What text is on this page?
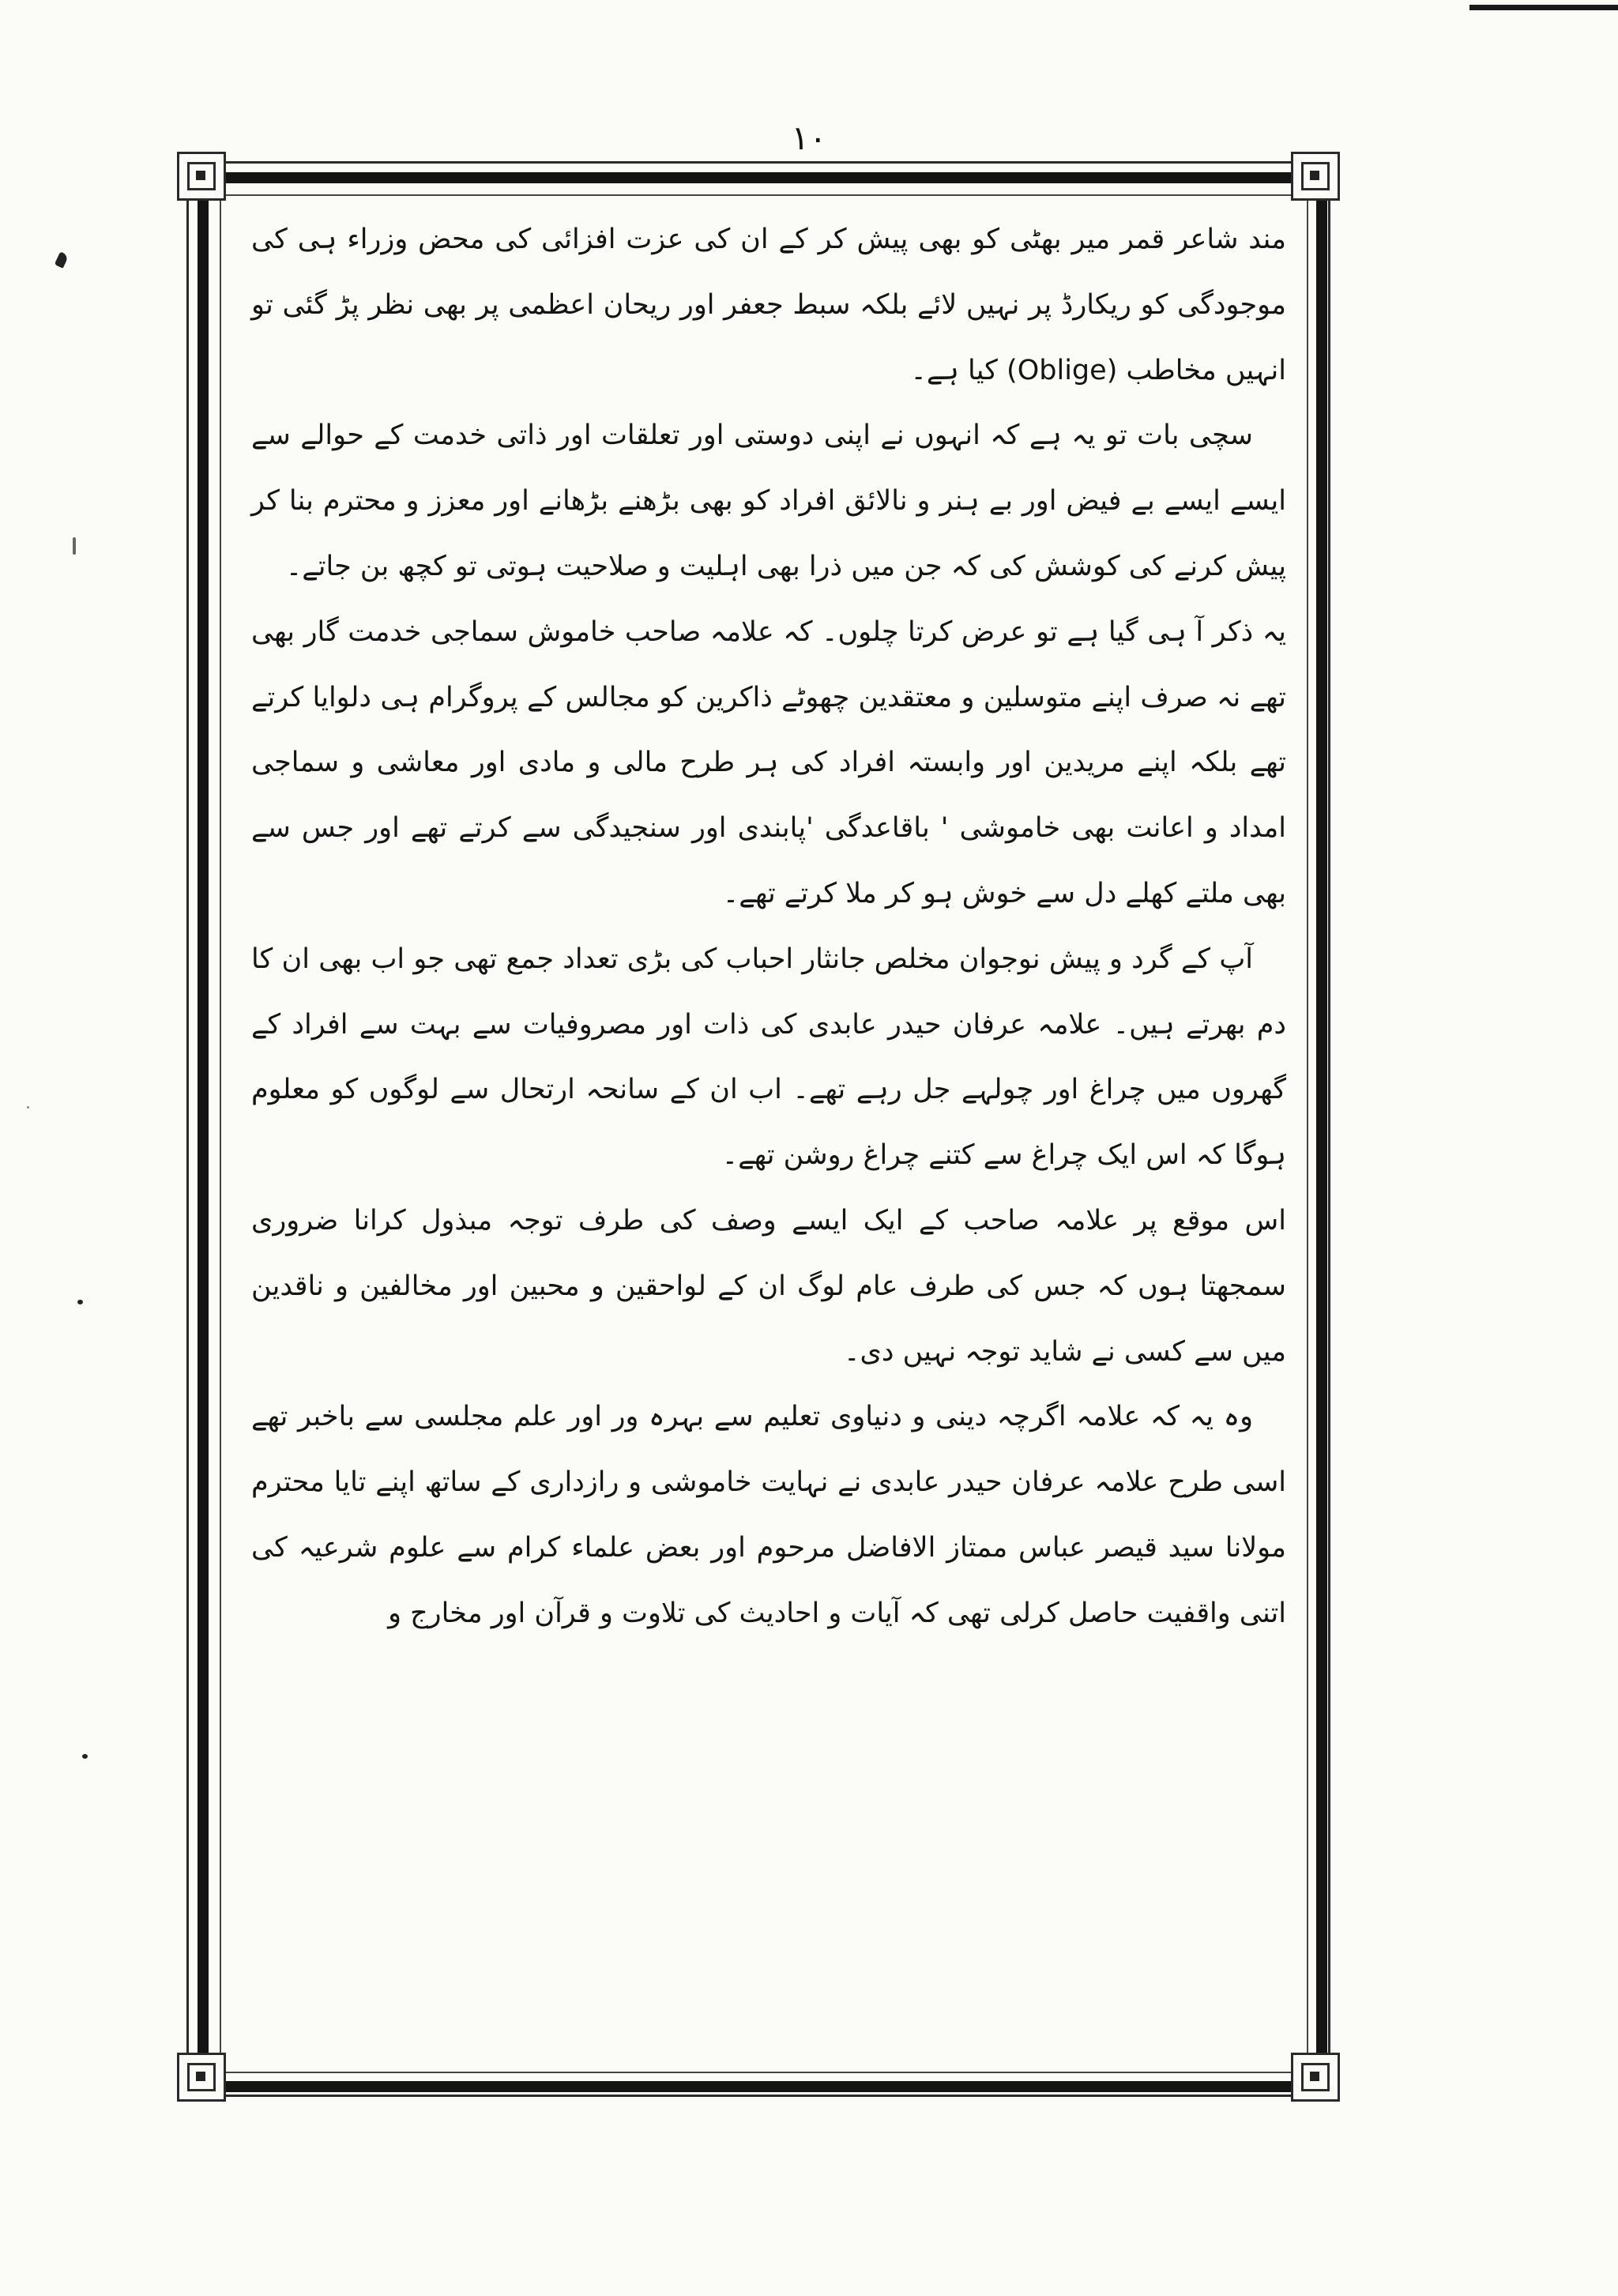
۱۰

مند شاعر قمر میر بھٹی کو بھی پیش کر کے ان کی عزت افزائی کی محض وزراء ہی کی موجودگی کو ریکارڈ پر نہیں لائے بلکہ سبط جعفر اور ریحان اعظمی پر بھی نظر پڑ گئی تو انہیں مخاطب (Oblige) کیا ہے۔

سچی بات تو یہ ہے کہ انہوں نے اپنی دوستی اور تعلقات اور ذاتی خدمت کے حوالے سے ایسے ایسے بے فیض اور بے ہنر و نالائق افراد کو بھی بڑھنے بڑھانے اور معزز و محترم بنا کر پیش کرنے کی کوشش کی کہ جن میں ذرا بھی اہلیت و صلاحیت ہوتی تو کچھ بن جاتے۔

یہ ذکر آ ہی گیا ہے تو عرض کرتا چلوں۔ کہ علامہ صاحب خاموش سماجی خدمت گار بھی تھے نہ صرف اپنے متوسلین و معتقدین چھوٹے ذاکرین کو مجالس کے پروگرام ہی دلوایا کرتے تھے بلکہ اپنے مریدین اور وابستہ افراد کی ہر طرح مالی و مادی اور معاشی و سماجی امداد و اعانت بھی خاموشی ' باقاعدگی 'پابندی اور سنجیدگی سے کرتے تھے اور جس سے بھی ملتے کھلے دل سے خوش ہو کر ملا کرتے تھے۔

آپ کے گرد و پیش نوجوان مخلص جانثار احباب کی بڑی تعداد جمع تھی جو اب بھی ان کا دم بھرتے ہیں۔ علامہ عرفان حیدر عابدی کی ذات اور مصروفیات سے بہت سے افراد کے گھروں میں چراغ اور چولہے جل رہے تھے۔ اب ان کے سانحہ ارتحال سے لوگوں کو معلوم ہوگا کہ اس ایک چراغ سے کتنے چراغ روشن تھے۔

اس موقع پر علامہ صاحب کے ایک ایسے وصف کی طرف توجہ مبذول کرانا ضروری سمجھتا ہوں کہ جس کی طرف عام لوگ ان کے لواحقین و محبین اور مخالفین و ناقدین میں سے کسی نے شاید توجہ نہیں دی۔

وہ یہ کہ علامہ اگرچہ دینی و دنیاوی تعلیم سے بہرہ ور اور علم مجلسی سے باخبر تھے اسی طرح علامہ عرفان حیدر عابدی نے نہایت خاموشی و رازداری کے ساتھ اپنے تایا محترم مولانا سید قیصر عباس ممتاز الافاضل مرحوم اور بعض علماء کرام سے علوم شرعیہ کی اتنی واقفیت حاصل کرلی تھی کہ آیات و احادیث کی تلاوت و قرآن اور مخارج و
